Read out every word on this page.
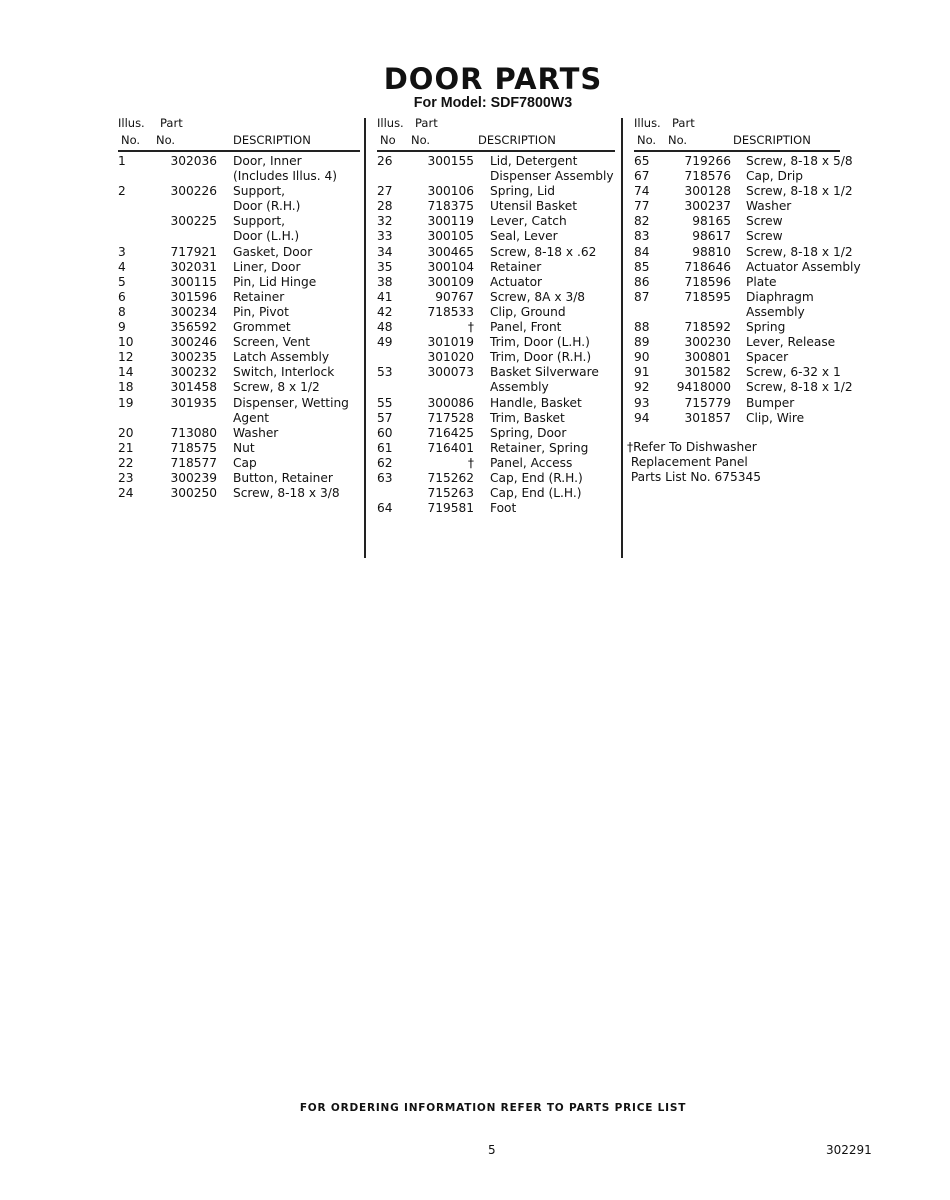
DOOR PARTS
For Model: SDF7800W3
Illus. Part
No. No.	DESCRIPTION
1	302036 Door, Inner
(Includes Illus. 4)
2	300226 Support,
Door (R.H.)
300225 Support,
Door (L.H.)
3	717921 Gasket, Door
4	302031 Liner, Door
5	300115 Pin, Lid Hinge
6	301596 Retainer
8	300234 Pin, Pivot
9	356592 Grommet
10	300246 Screen, Vent
12	300235 Latch Assembly
14	300232 Switch, Interlock
18	301458 Screw, 8 x 1/2
19	301935 Dispenser, Wetting
Agent
20	713080 Washer
21	718575 Nut
22	718577 Cap
23	300239 Button, Retainer
24	300250 Screw, 8-18 x 3/8
Illus. Part
No No.	DESCRIPTION
26	300155 Lid, Detergent
Dispenser Assembly
27	300106 Spring, Lid
28	718375 Utensil Basket
32	300119 Lever, Catch
33	300105 Seal, Lever
34	300465 Screw, 8-18 x .62
35	300104 Retainer
38	300109 Actuator
41	90767 Screw, 8A x 3/8
42	718533 Clip, Ground
48	† Panel, Front
49	301019 Trim, Door (L.H.)
301020 Trim, Door (R.H.)
53	300073 Basket Silverware
Assembly
55	300086 Handle, Basket
57	717528 Trim, Basket
60	716425 Spring, Door
61	716401 Retainer, Spring
62	† Panel, Access
63	715262 Cap, End (R.H.)
715263 Cap, End (L.H.)
64	719581 Foot
Illus. Part
No. No.	DESCRIPTION
65	719266 Screw, 8-18 x 5/8
67	718576 Cap, Drip
74	300128 Screw, 8-18 x 1/2
77	300237 Washer
82	98165 Screw
83	98617 Screw
84	98810 Screw, 8-18 x 1/2
85	718646 Actuator Assembly
86	718596 Plate
87	718595 Diaphragm
Assembly
88	718592 Spring
89	300230 Lever, Release
90	300801 Spacer
91	301582 Screw, 6-32 x 1
92	9418000 Screw, 8-18 x 1/2
93	715779 Bumper
94	301857 Clip, Wire
†Refer To Dishwasher
Replacement Panel
Parts List No. 675345
FOR ORDERING INFORMATION REFER TO PARTS PRICE LIST
5	302291
